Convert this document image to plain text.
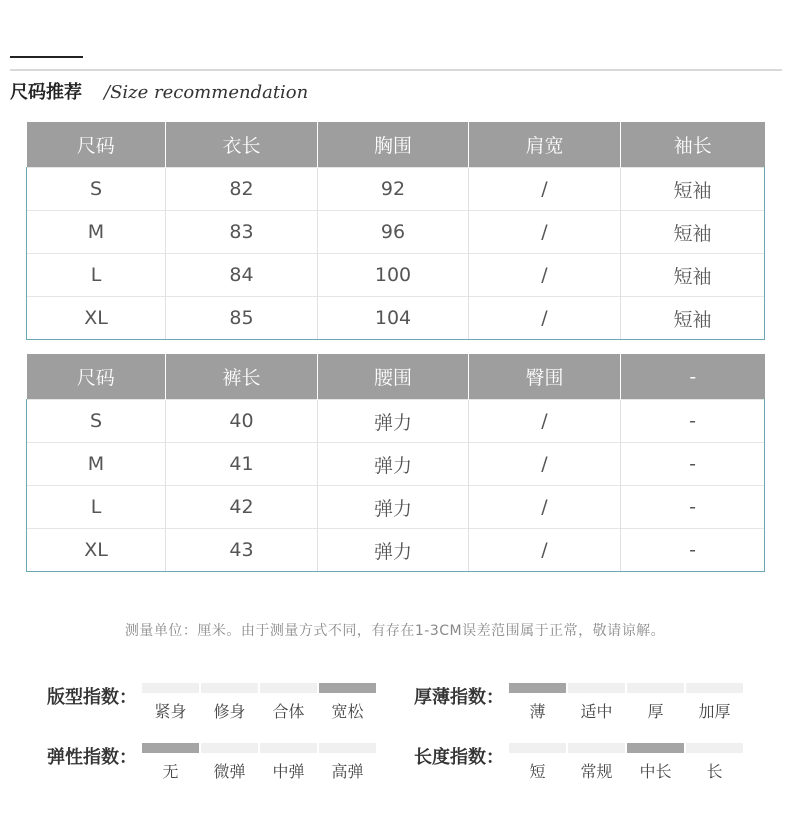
尺码推荐 /Size recommendation
尺码	衣长	胸围	肩宽	袖长
S	82	92	/	短袖
M	83	96	/	短袖
L	84	100	/	短袖
XL	85	104	/	短袖
尺码	裤长	腰围	臀围	-
S	40	弹力	/	-
M	41	弹力	/	-
L	42	弹力	/	-
XL	43	弹力	/	-
测量单位：厘米。由于测量方式不同，有存在1-3CM误差范围属于正常，敬请谅解。
版型指数：
紧身	修身	合体	宽松
厚薄指数：
薄	适中	厚	加厚
弹性指数：
无	微弹	中弹	高弹
长度指数：
短	常规	中长	长
